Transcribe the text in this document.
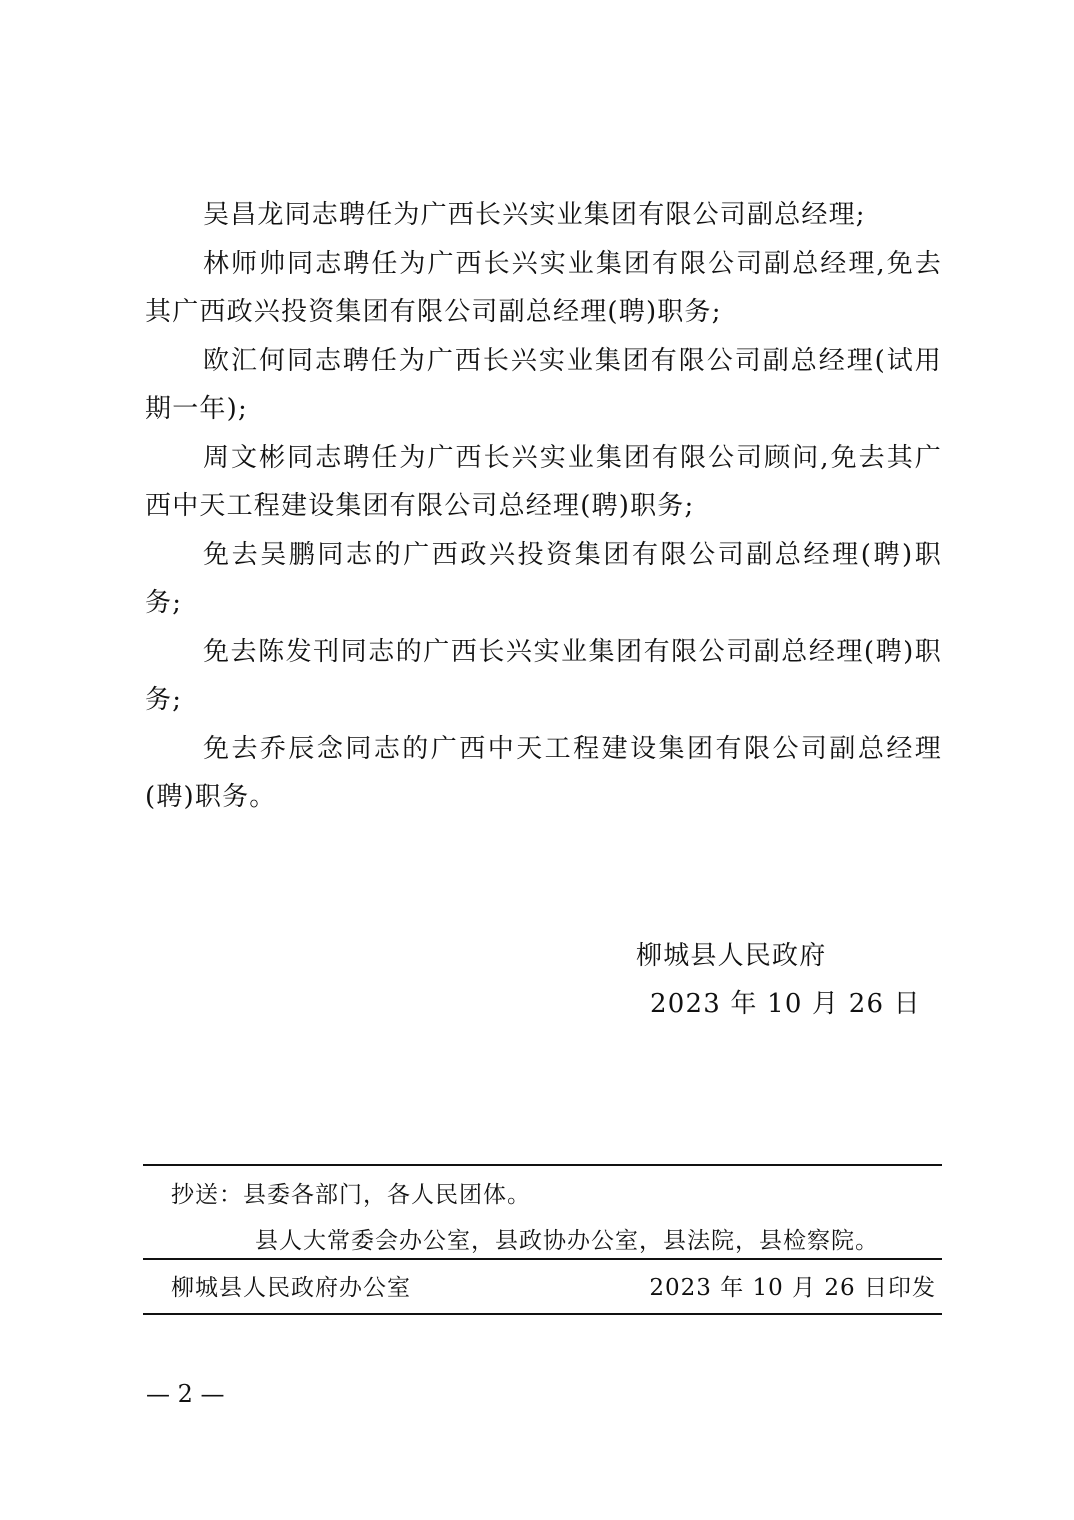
吴昌龙同志聘任为广西长兴实业集团有限公司副总经理;

林师帅同志聘任为广西长兴实业集团有限公司副总经理,免去其广西政兴投资集团有限公司副总经理(聘)职务;

欧汇何同志聘任为广西长兴实业集团有限公司副总经理(试用期一年);

周文彬同志聘任为广西长兴实业集团有限公司顾问,免去其广西中天工程建设集团有限公司总经理(聘)职务;

免去吴鹏同志的广西政兴投资集团有限公司副总经理(聘)职务;

免去陈发刊同志的广西长兴实业集团有限公司副总经理(聘)职务;

免去乔辰念同志的广西中天工程建设集团有限公司副总经理(聘)职务。

柳城县人民政府
2023 年 10 月 26 日
抄送：县委各部门，各人民团体。
县人大常委会办公室，县政协办公室，县法院，县检察院。
柳城县人民政府办公室	2023 年 10 月 26 日印发
— 2 —
